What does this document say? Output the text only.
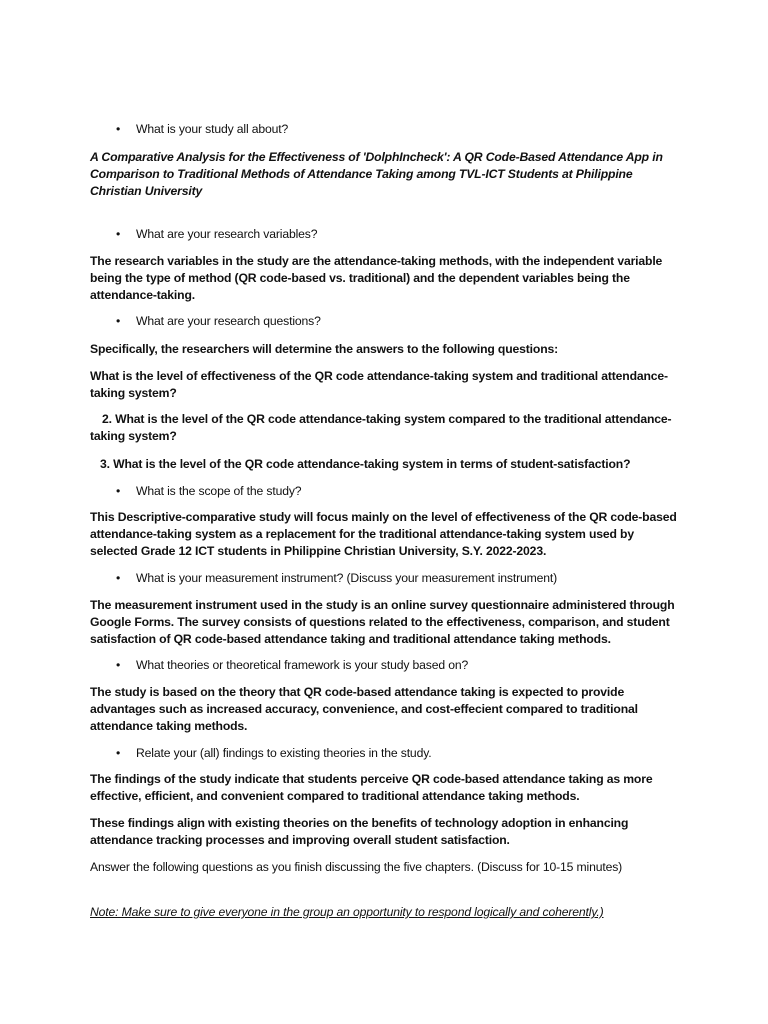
• What is your study all about?
A Comparative Analysis for the Effectiveness of 'DolphIncheck': A QR Code-Based Attendance App in Comparison to Traditional Methods of Attendance Taking among TVL-ICT Students at Philippine Christian University
• What are your research variables?
The research variables in the study are the attendance-taking methods, with the independent variable being the type of method (QR code-based vs. traditional) and the dependent variables being the attendance-taking.
• What are your research questions?
Specifically, the researchers will determine the answers to the following questions:
What is the level of effectiveness of the QR code attendance-taking system and traditional attendance-taking system?
2. What is the level of the QR code attendance-taking system compared to the traditional attendance-taking system?
3. What is the level of the QR code attendance-taking system in terms of student-satisfaction?
• What is the scope of the study?
This Descriptive-comparative study will focus mainly on the level of effectiveness of the QR code-based attendance-taking system as a replacement for the traditional attendance-taking system used by selected Grade 12 ICT students in Philippine Christian University, S.Y. 2022-2023.
• What is your measurement instrument? (Discuss your measurement instrument)
The measurement instrument used in the study is an online survey questionnaire administered through Google Forms. The survey consists of questions related to the effectiveness, comparison, and student satisfaction of QR code-based attendance taking and traditional attendance taking methods.
• What theories or theoretical framework is your study based on?
The study is based on the theory that QR code-based attendance taking is expected to provide advantages such as increased accuracy, convenience, and cost-effecient compared to traditional attendance taking methods.
• Relate your (all) findings to existing theories in the study.
The findings of the study indicate that students perceive QR code-based attendance taking as more effective, efficient, and convenient compared to traditional attendance taking methods.
These findings align with existing theories on the benefits of technology adoption in enhancing attendance tracking processes and improving overall student satisfaction.
Answer the following questions as you finish discussing the five chapters. (Discuss for 10-15 minutes)
Note: Make sure to give everyone in the group an opportunity to respond logically and coherently.)
